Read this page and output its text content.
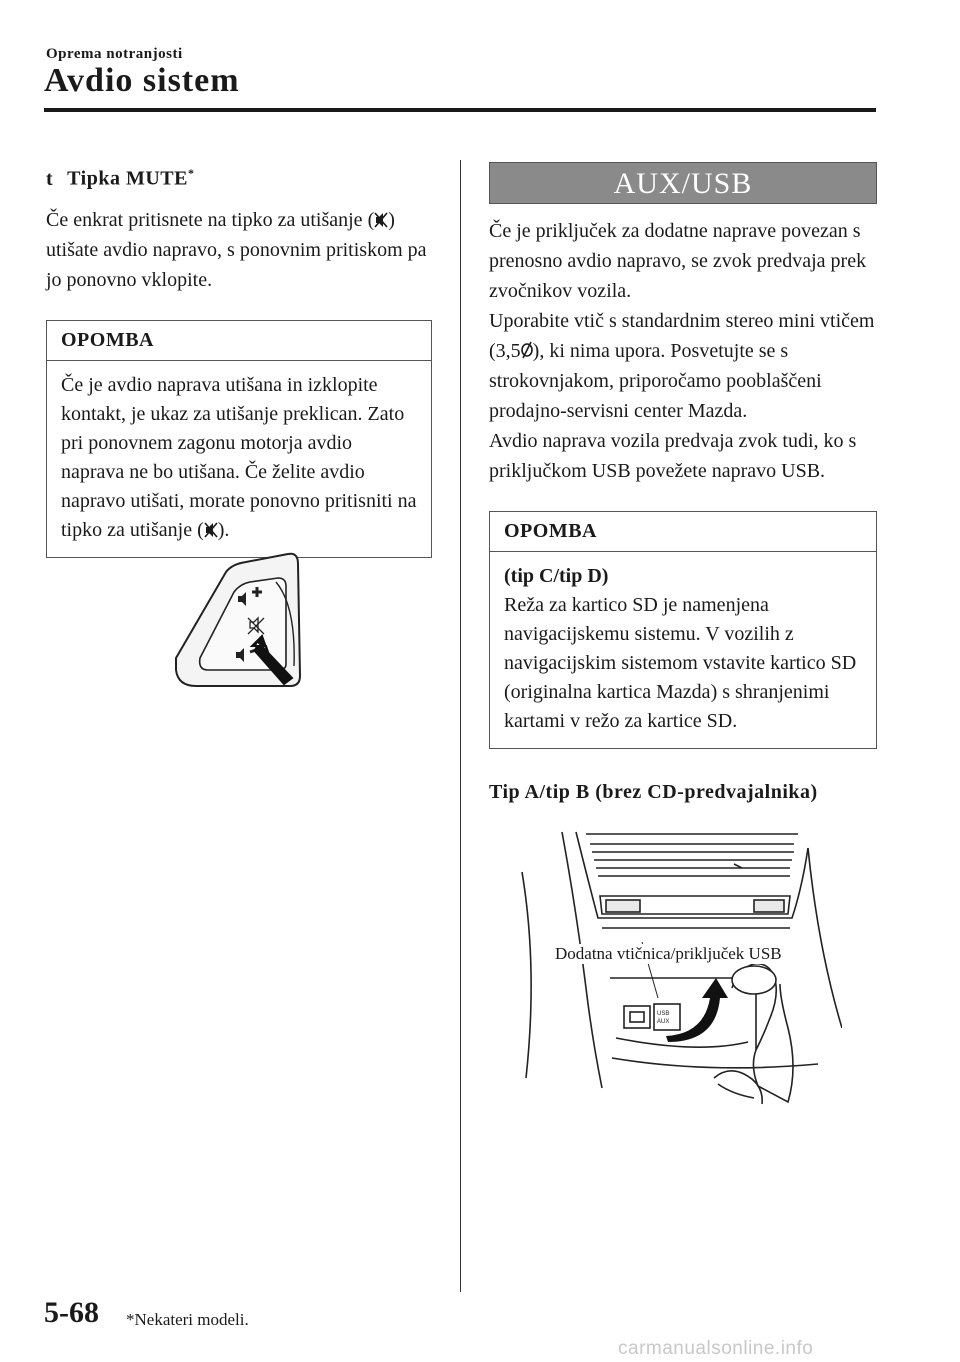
Oprema notranjosti
Avdio sistem
t Tipka MUTE*
Če enkrat pritisnete na tipko za utišanje ( ) utišate avdio napravo, s ponovnim pritiskom pa jo ponovno vklopite.
OPOMBA
Če je avdio naprava utišana in izklopite kontakt, je ukaz za utišanje preklican. Zato pri ponovnem zagonu motorja avdio naprava ne bo utišana. Če želite avdio napravo utišati, morate ponovno pritisniti na tipko za utišanje ( ).
AUX/USB
Če je priključek za dodatne naprave povezan s prenosno avdio napravo, se zvok predvaja prek zvočnikov vozila.
Uporabite vtič s standardnim stereo mini vtičem (3,5 ), ki nima upora. Posvetujte se s strokovnjakom, priporočamo pooblaščeni prodajno-servisni center Mazda.
Avdio naprava vozila predvaja zvok tudi, ko s priključkom USB povežete napravo USB.
OPOMBA
(tip C/tip D)
Reža za kartico SD je namenjena navigacijskemu sistemu. V vozilih z navigacijskim sistemom vstavite kartico SD (originalna kartica Mazda) s shranjenimi kartami v režo za kartice SD.
Tip A/tip B (brez CD-predvajalnika)
USB
AUX
Dodatna vtičnica/priključek USB
5-68 *Nekateri modeli.
carmanualsonline.info
